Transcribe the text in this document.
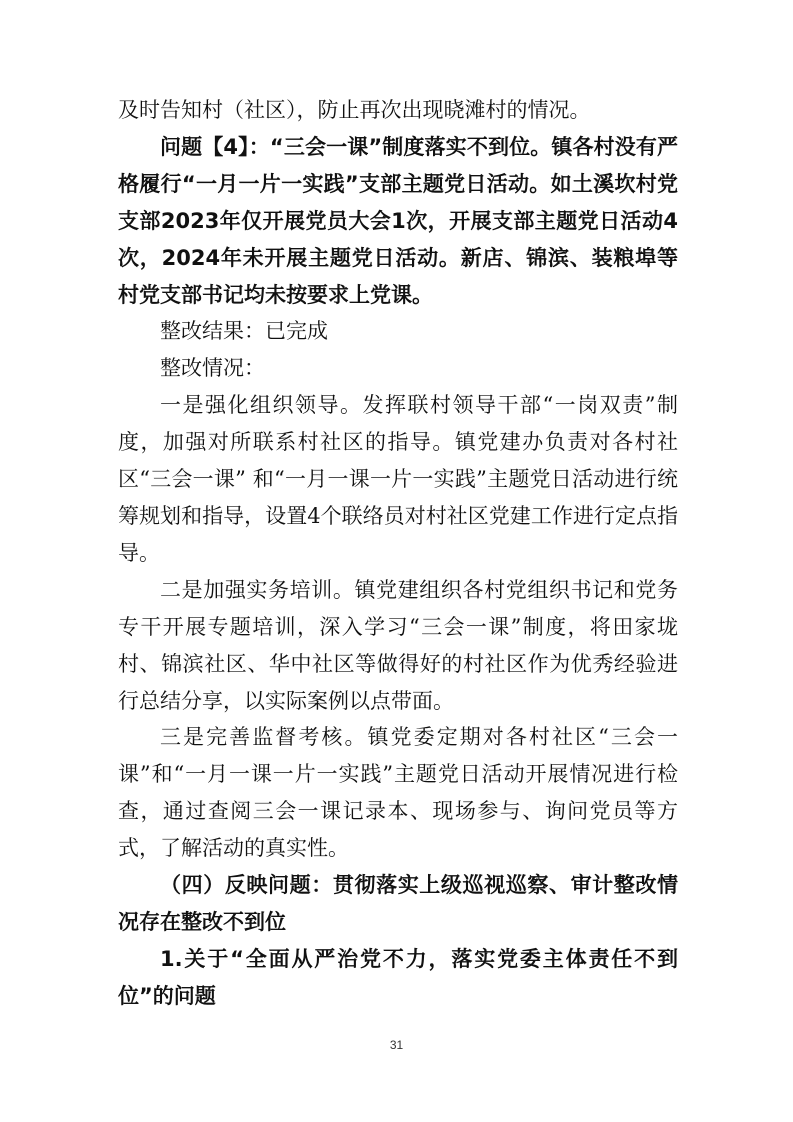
及时告知村（社区），防止再次出现晓滩村的情况。

问题【4】：“三会一课”制度落实不到位。镇各村没有严格履行“一月一片一实践”支部主题党日活动。如土溪坎村党支部2023年仅开展党员大会1次，开展支部主题党日活动4次，2024年未开展主题党日活动。新店、锦滨、装粮埠等村党支部书记均未按要求上党课。

整改结果：已完成

整改情况：

一是强化组织领导。发挥联村领导干部“一岗双责”制度，加强对所联系村社区的指导。镇党建办负责对各村社区“三会一课” 和“一月一课一片一实践”主题党日活动进行统筹规划和指导，设置4个联络员对村社区党建工作进行定点指导。

二是加强实务培训。镇党建组织各村党组织书记和党务专干开展专题培训，深入学习“三会一课”制度，将田家垅村、锦滨社区、华中社区等做得好的村社区作为优秀经验进行总结分享，以实际案例以点带面。

三是完善监督考核。镇党委定期对各村社区“三会一课”和“一月一课一片一实践”主题党日活动开展情况进行检查，通过查阅三会一课记录本、现场参与、询问党员等方式，了解活动的真实性。

（四）反映问题：贯彻落实上级巡视巡察、审计整改情况存在整改不到位

1.关于“全面从严治党不力，落实党委主体责任不到位”的问题

31
